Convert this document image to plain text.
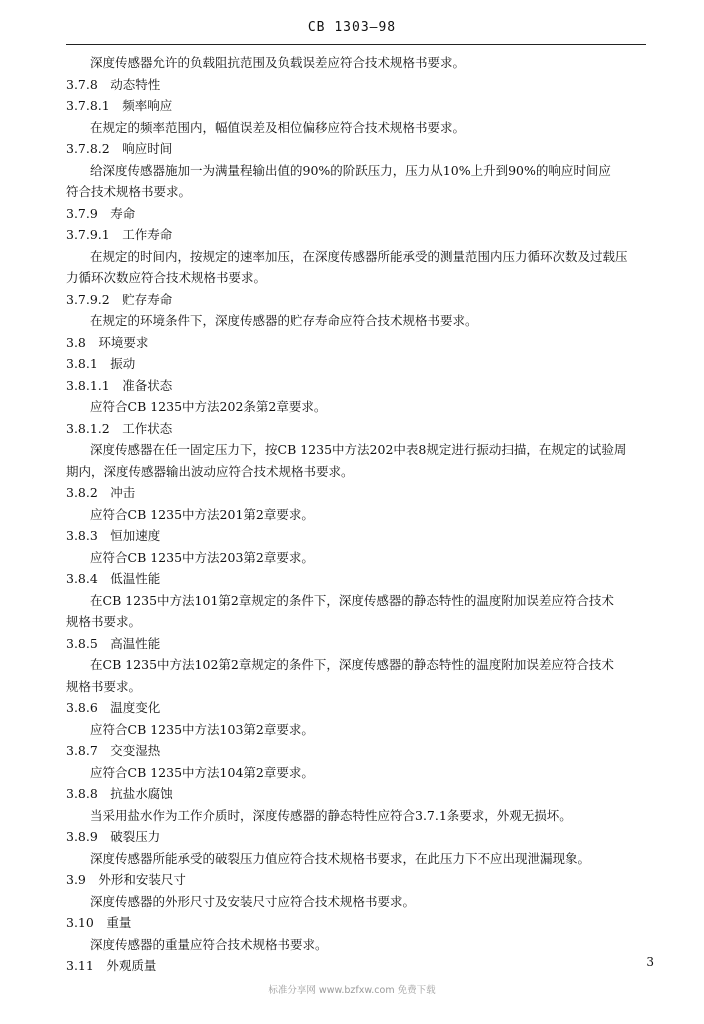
CB 1303—98
深度传感器允许的负载阻抗范围及负载误差应符合技术规格书要求。
3.7.8　动态特性
3.7.8.1　频率响应
在规定的频率范围内，幅值误差及相位偏移应符合技术规格书要求。
3.7.8.2　响应时间
给深度传感器施加一为满量程输出值的90%的阶跃压力，压力从10%上升到90%的响应时间应
符合技术规格书要求。
3.7.9　寿命
3.7.9.1　工作寿命
在规定的时间内，按规定的速率加压，在深度传感器所能承受的测量范围内压力循环次数及过载压
力循环次数应符合技术规格书要求。
3.7.9.2　贮存寿命
在规定的环境条件下，深度传感器的贮存寿命应符合技术规格书要求。
3.8　环境要求
3.8.1　振动
3.8.1.1　准备状态
应符合CB 1235中方法202条第2章要求。
3.8.1.2　工作状态
深度传感器在任一固定压力下，按CB 1235中方法202中表8规定进行振动扫描，在规定的试验周
期内，深度传感器输出波动应符合技术规格书要求。
3.8.2　冲击
应符合CB 1235中方法201第2章要求。
3.8.3　恒加速度
应符合CB 1235中方法203第2章要求。
3.8.4　低温性能
在CB 1235中方法101第2章规定的条件下，深度传感器的静态特性的温度附加误差应符合技术
规格书要求。
3.8.5　高温性能
在CB 1235中方法102第2章规定的条件下，深度传感器的静态特性的温度附加误差应符合技术
规格书要求。
3.8.6　温度变化
应符合CB 1235中方法103第2章要求。
3.8.7　交变湿热
应符合CB 1235中方法104第2章要求。
3.8.8　抗盐水腐蚀
当采用盐水作为工作介质时，深度传感器的静态特性应符合3.7.1条要求，外观无损坏。
3.8.9　破裂压力
深度传感器所能承受的破裂压力值应符合技术规格书要求，在此压力下不应出现泄漏现象。
3.9　外形和安装尺寸
深度传感器的外形尺寸及安装尺寸应符合技术规格书要求。
3.10　重量
深度传感器的重量应符合技术规格书要求。
3.11　外观质量	3
标准分享网 www.bzfxw.com 免费下载
